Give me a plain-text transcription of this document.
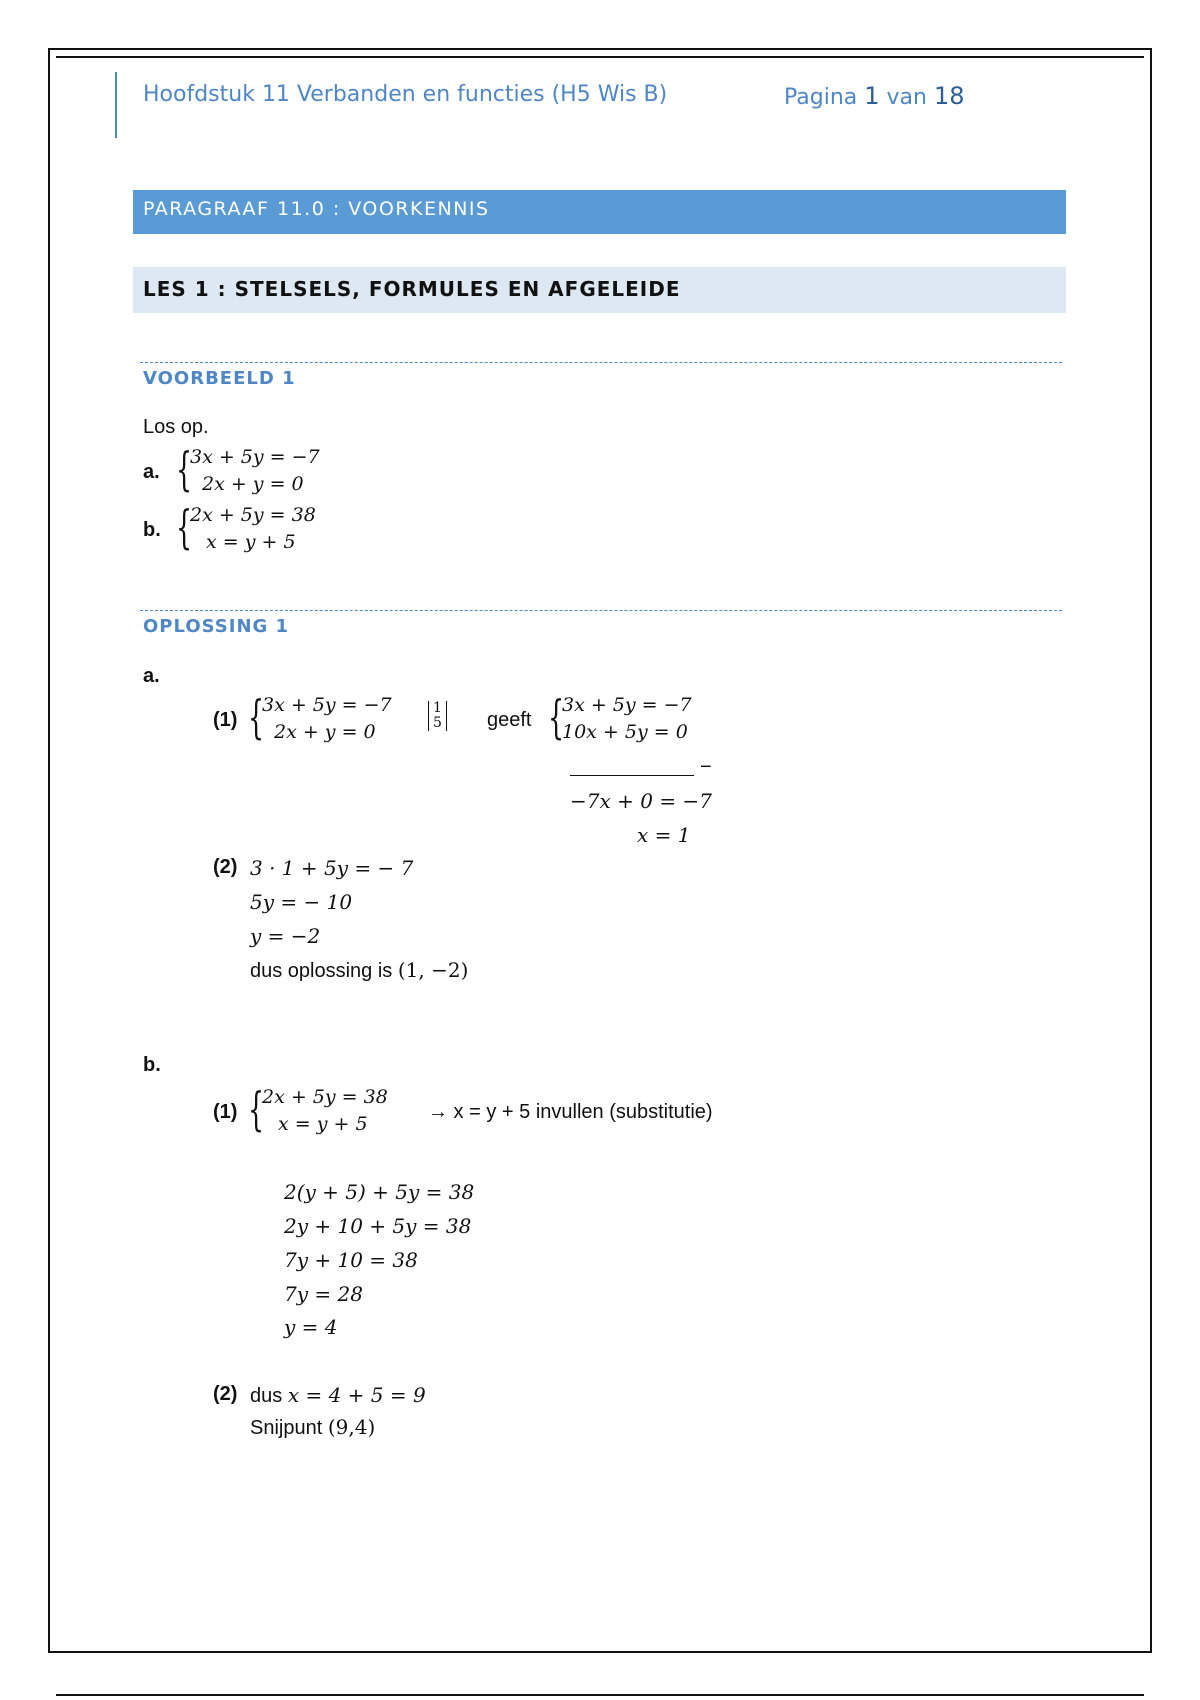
Hoofdstuk 11 Verbanden en functies (H5 Wis B)	Pagina 1 van 18
PARAGRAAF 11.0 : VOORKENNIS
LES 1 : STELSELS, FORMULES EN AFGELEIDE
VOORBEELD 1
Los op.
a. {
3x + 5y = −7
2x + y = 0
b. {
2x + 5y = 38
x = y + 5
OPLOSSING 1
a.
(1) {
3x + 5y = −7
2x + y = 0
1
5 geeft {
3x + 5y = −7
10x + 5y = 0
−
−7x + 0 = −7
x = 1
(2) 3 · 1 + 5y = − 7
5y = − 10
y = −2
dus oplossing is (1, −2)
b.
(1) {
2x + 5y = 38
x = y + 5
→ x = y + 5 invullen (substitutie)
2(y + 5) + 5y = 38
2y + 10 + 5y = 38
7y + 10 = 38
7y = 28
y = 4
(2) dus x = 4 + 5 = 9
Snijpunt (9,4)
